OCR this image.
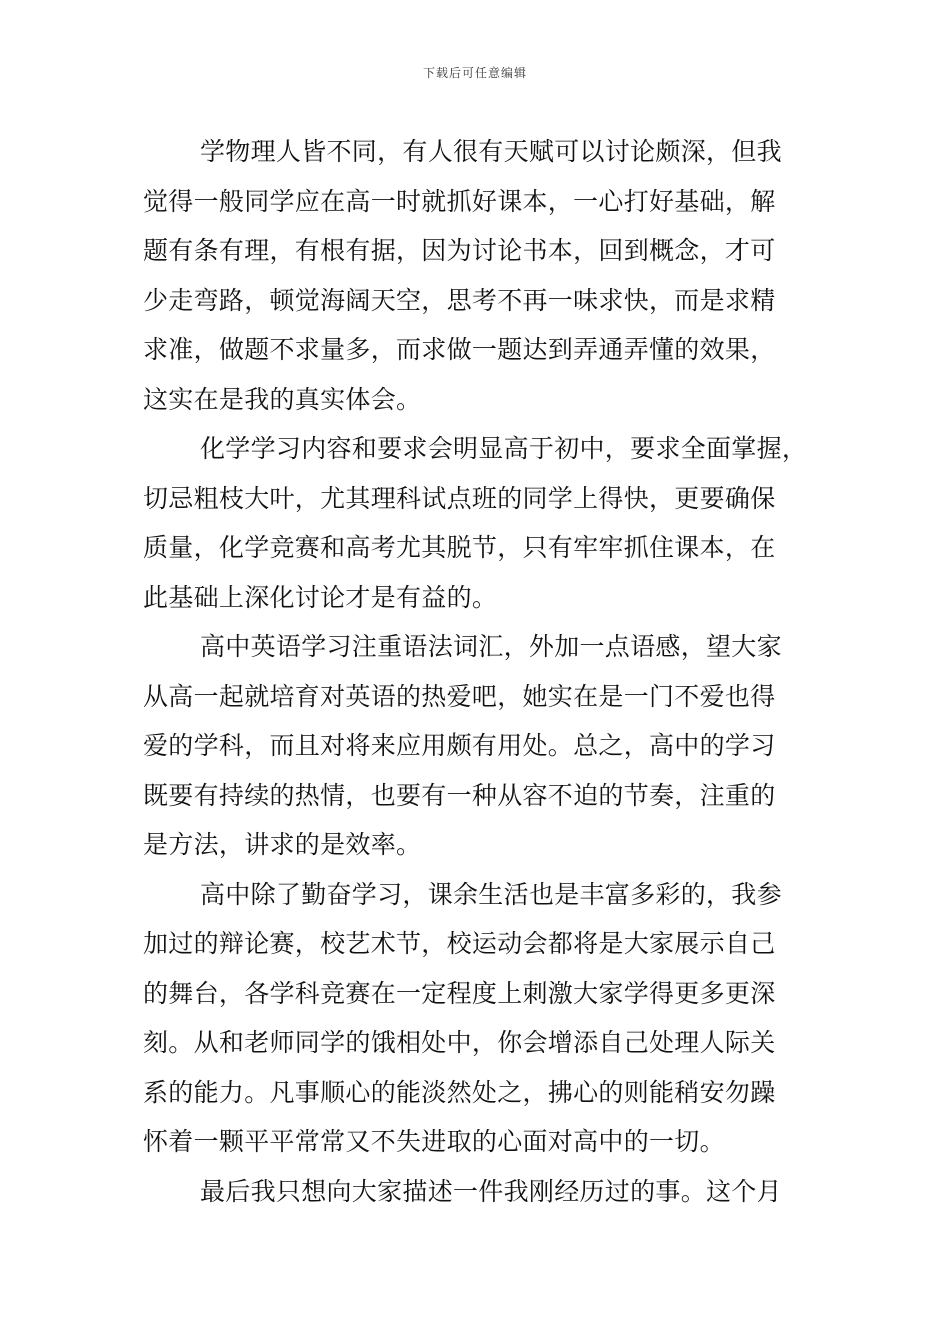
下载后可任意编辑
学物理人皆不同，有人很有天赋可以讨论颇深，但我
觉得一般同学应在高一时就抓好课本，一心打好基础，解
题有条有理，有根有据，因为讨论书本，回到概念，才可
少走弯路，顿觉海阔天空，思考不再一味求快，而是求精
求准，做题不求量多，而求做一题达到弄通弄懂的效果，
这实在是我的真实体会。
化学学习内容和要求会明显高于初中，要求全面掌握，
切忌粗枝大叶，尤其理科试点班的同学上得快，更要确保
质量，化学竞赛和高考尤其脱节，只有牢牢抓住课本，在
此基础上深化讨论才是有益的。
高中英语学习注重语法词汇，外加一点语感，望大家
从高一起就培育对英语的热爱吧，她实在是一门不爱也得
爱的学科，而且对将来应用颇有用处。总之，高中的学习
既要有持续的热情，也要有一种从容不迫的节奏，注重的
是方法，讲求的是效率。
高中除了勤奋学习，课余生活也是丰富多彩的，我参
加过的辩论赛，校艺术节，校运动会都将是大家展示自己
的舞台，各学科竞赛在一定程度上刺激大家学得更多更深
刻。从和老师同学的饿相处中，你会增添自己处理人际关
系的能力。凡事顺心的能淡然处之，拂心的则能稍安勿躁
怀着一颗平平常常又不失进取的心面对高中的一切。
最后我只想向大家描述一件我刚经历过的事。这个月
